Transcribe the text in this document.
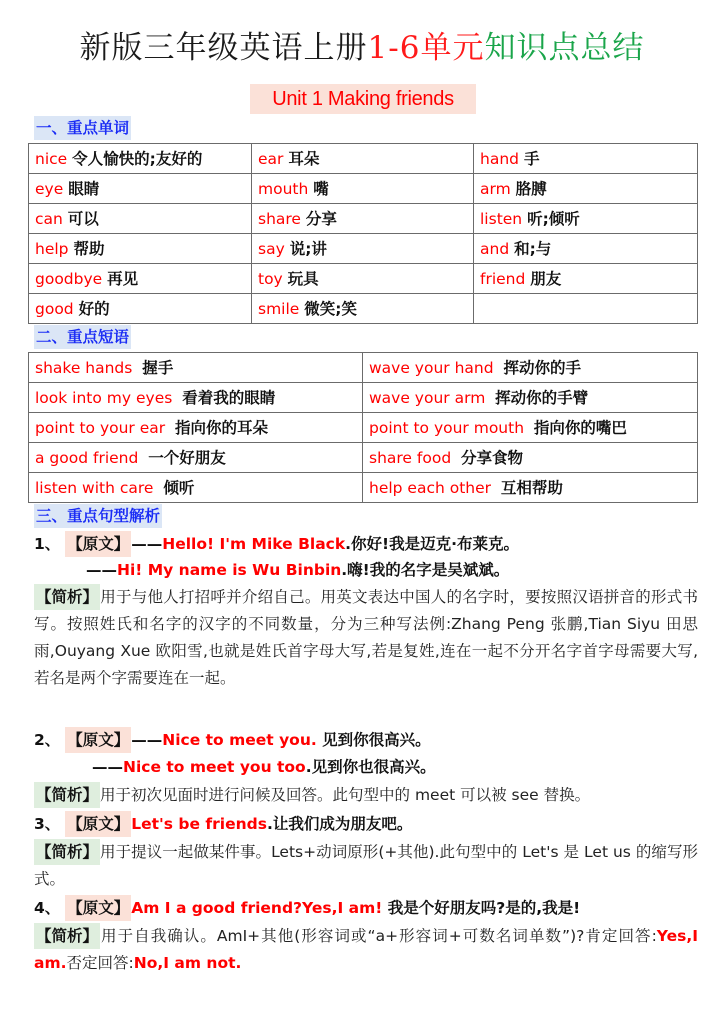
新版三年级英语上册1-6单元知识点总结
Unit 1 Making friends
一、重点单词
nice 令人愉快的;友好的	ear 耳朵	hand 手
eye 眼睛	mouth 嘴	arm 胳膊
can 可以	share 分享	listen 听;倾听
help 帮助	say 说;讲	and 和;与
goodbye 再见	toy 玩具	friend 朋友
good 好的	smile 微笑;笑	
二、重点短语
shake hands 握手	wave your hand 挥动你的手
look into my eyes 看着我的眼睛	wave your arm 挥动你的手臂
point to your ear 指向你的耳朵	point to your mouth 指向你的嘴巴
a good friend 一个好朋友	share food 分享食物
listen with care 倾听	help each other 互相帮助
三、重点句型解析
1、 【原文】 ——Hello! I'm Mike Black.你好!我是迈克·布莱克。
——Hi! My name is Wu Binbin.嗨!我的名字是吴斌斌。
【简析】 用于与他人打招呼并介绍自己。用英文表达中国人的名字时，要按照汉语拼音的形式书写。按照姓氏和名字的汉字的不同数量，分为三种写法例:Zhang Peng 张鹏,Tian Siyu 田思雨,Ouyang Xue 欧阳雪,也就是姓氏首字母大写,若是复姓,连在一起不分开名字首字母需要大写,若名是两个字需要连在一起。
2、 【原文】 ——Nice to meet you. 见到你很高兴。
——Nice to meet you too.见到你也很高兴。
【简析】 用于初次见面时进行问候及回答。此句型中的 meet 可以被 see 替换。
3、 【原文】 Let's be friends.让我们成为朋友吧。
【简析】 用于提议一起做某件事。Lets+动词原形(+其他).此句型中的 Let's 是 Let us 的缩写形式。
4、 【原文】 Am I a good friend?Yes,I am! 我是个好朋友吗?是的,我是!
【简析】 用于自我确认。AmI+其他(形容词或“a+形容词+可数名词单数”)?肯定回答:Yes,I am.否定回答:No,I am not.
